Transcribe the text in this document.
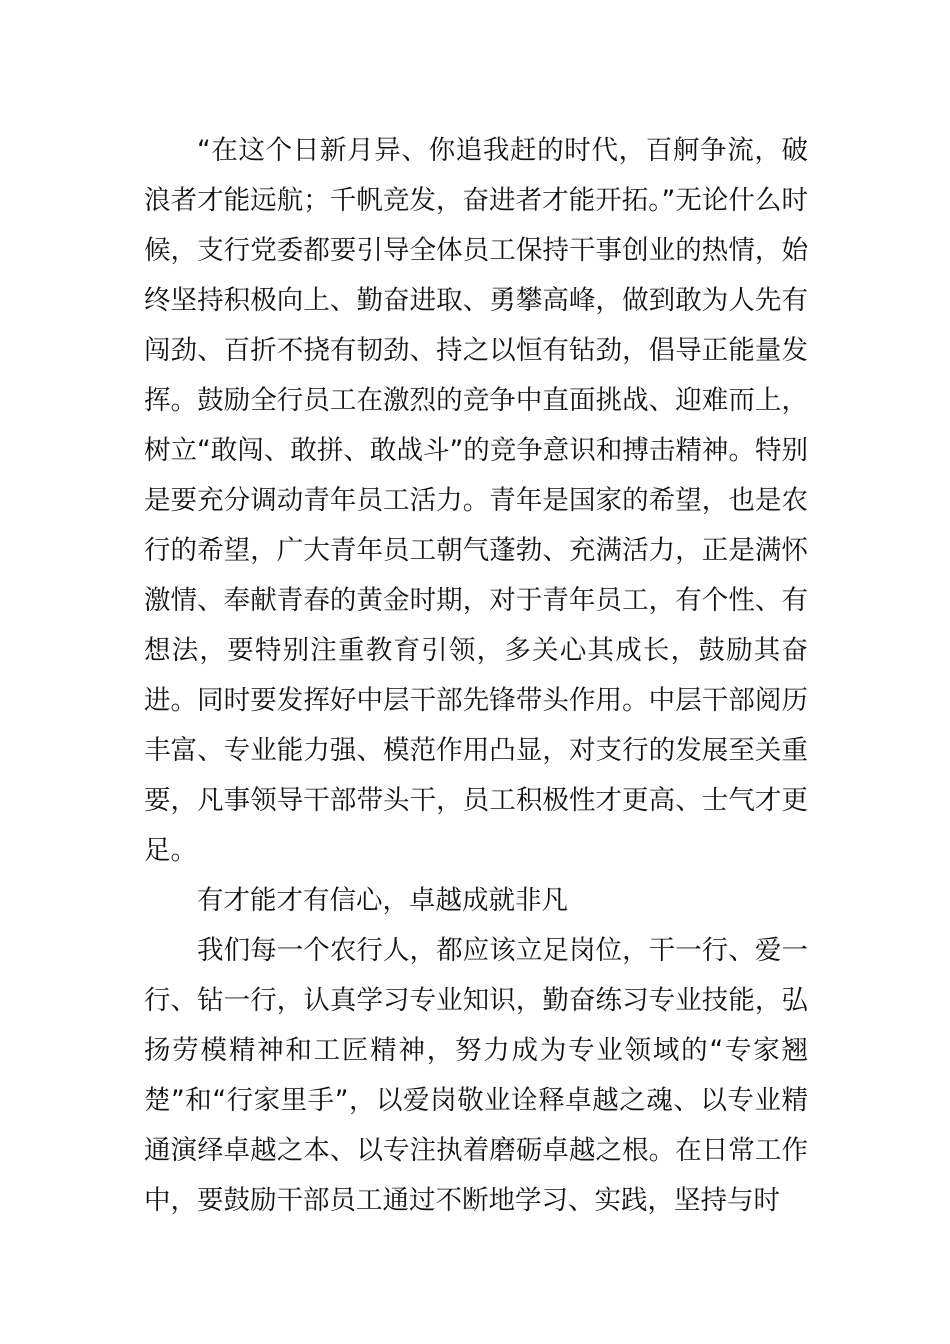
“在这个日新月异、你追我赶的时代，百舸争流，破浪者才能远航；千帆竞发，奋进者才能开拓。”无论什么时候，支行党委都要引导全体员工保持干事创业的热情，始终坚持积极向上、勤奋进取、勇攀高峰，做到敢为人先有闯劲、百折不挠有韧劲、持之以恒有钻劲，倡导正能量发挥。鼓励全行员工在激烈的竞争中直面挑战、迎难而上，树立“敢闯、敢拼、敢战斗”的竞争意识和搏击精神。特别是要充分调动青年员工活力。青年是国家的希望，也是农行的希望，广大青年员工朝气蓬勃、充满活力，正是满怀激情、奉献青春的黄金时期，对于青年员工，有个性、有想法，要特别注重教育引领，多关心其成长，鼓励其奋进。同时要发挥好中层干部先锋带头作用。中层干部阅历丰富、专业能力强、模范作用凸显，对支行的发展至关重要，凡事领导干部带头干，员工积极性才更高、士气才更足。

有才能才有信心，卓越成就非凡

我们每一个农行人，都应该立足岗位，干一行、爱一行、钻一行，认真学习专业知识，勤奋练习专业技能，弘扬劳模精神和工匠精神，努力成为专业领域的“专家翘楚”和“行家里手”，以爱岗敬业诠释卓越之魂、以专业精通演绎卓越之本、以专注执着磨砺卓越之根。在日常工作中，要鼓励干部员工通过不断地学习、实践，坚持与时
